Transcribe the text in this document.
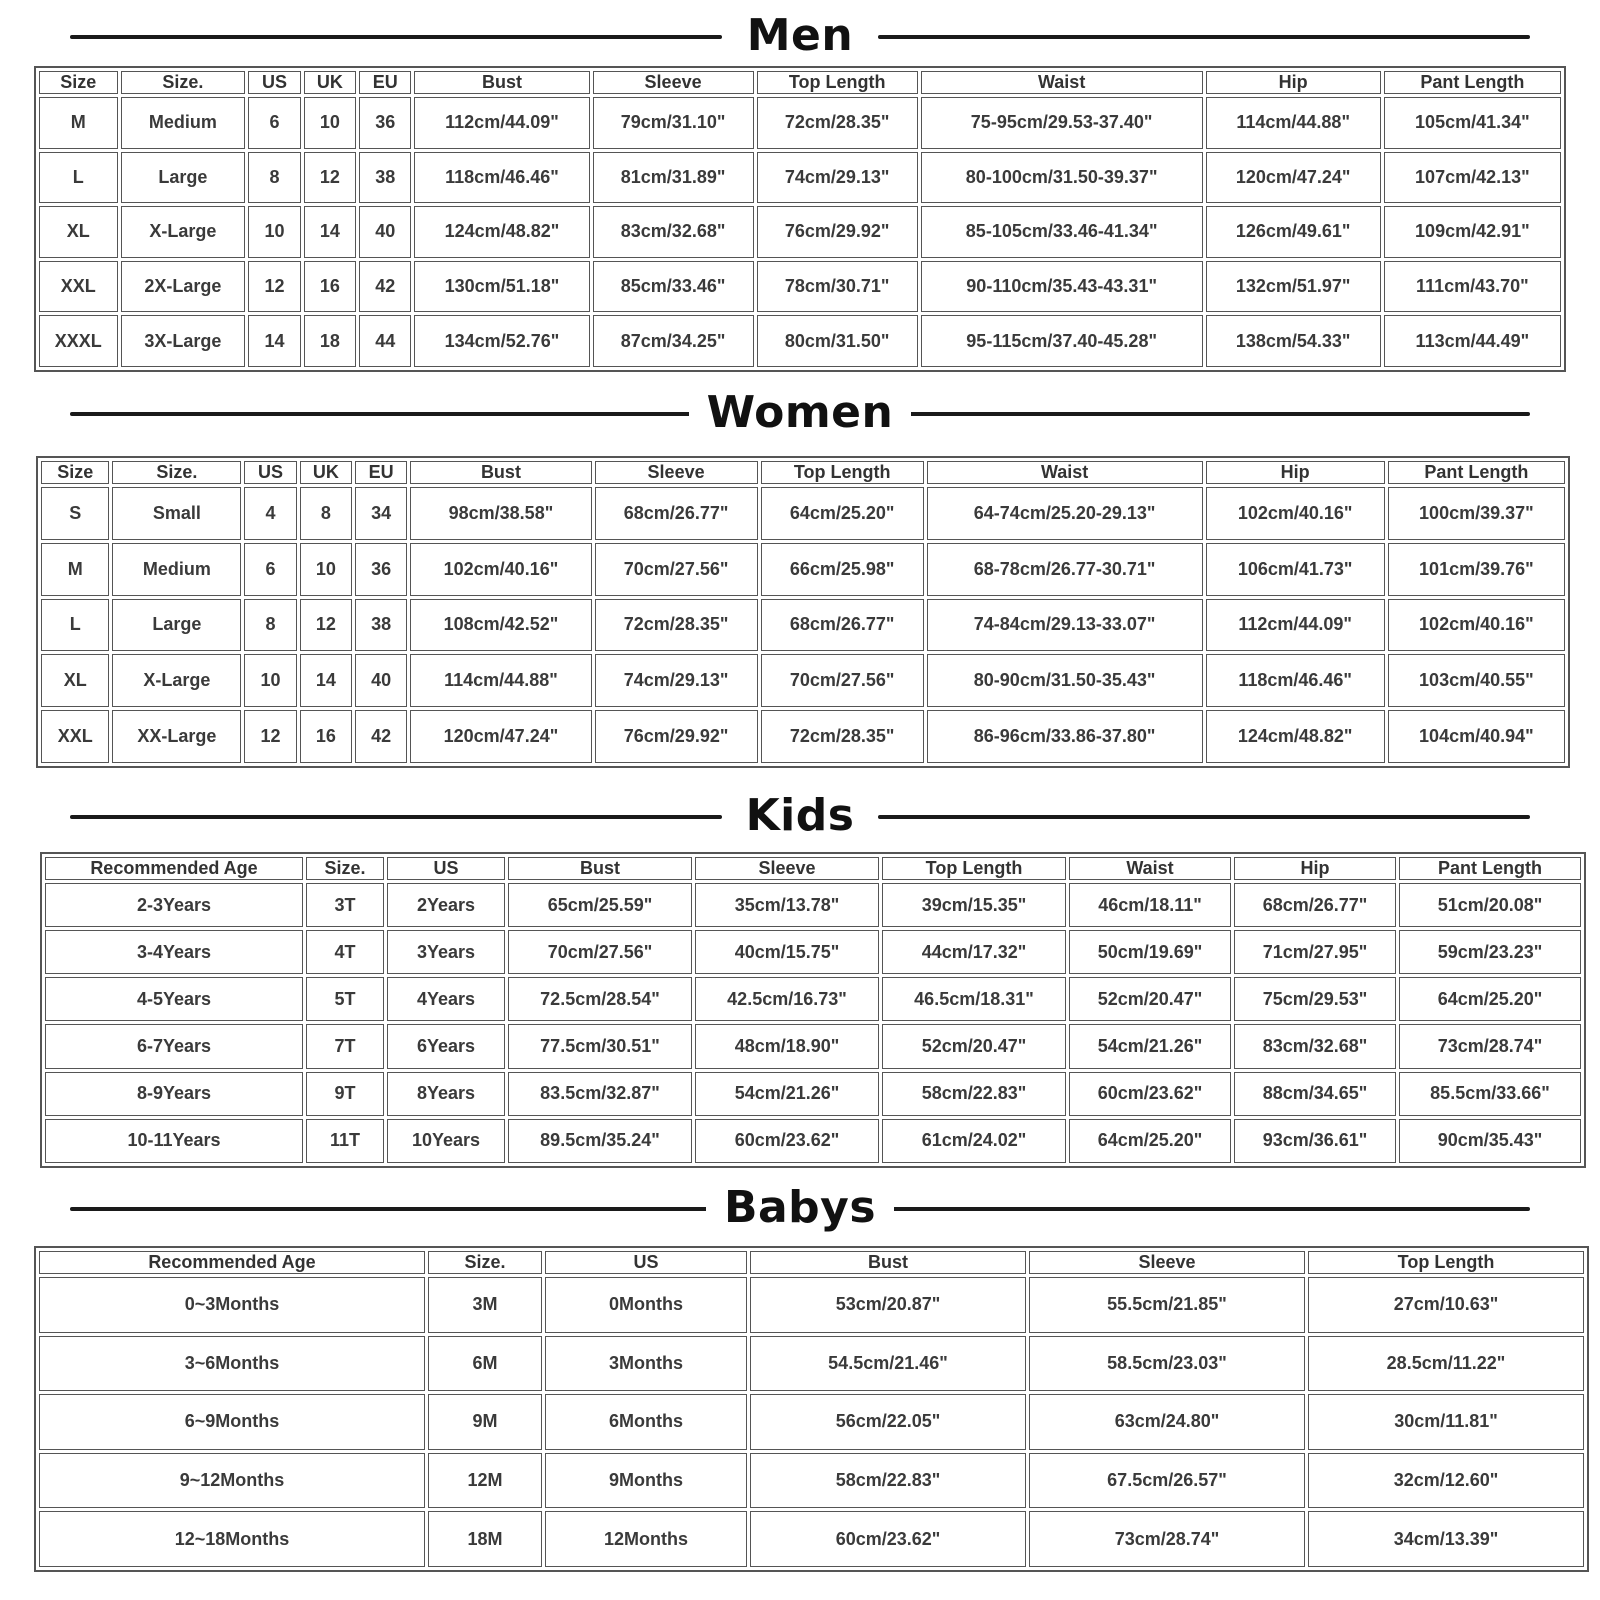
Men
Size	Size.	US	UK	EU	Bust	Sleeve	Top Length	Waist	Hip	Pant Length
M	Medium	6	10	36	112cm/44.09"	79cm/31.10"	72cm/28.35"	75-95cm/29.53-37.40"	114cm/44.88"	105cm/41.34"
L	Large	8	12	38	118cm/46.46"	81cm/31.89"	74cm/29.13"	80-100cm/31.50-39.37"	120cm/47.24"	107cm/42.13"
XL	X-Large	10	14	40	124cm/48.82"	83cm/32.68"	76cm/29.92"	85-105cm/33.46-41.34"	126cm/49.61"	109cm/42.91"
XXL	2X-Large	12	16	42	130cm/51.18"	85cm/33.46"	78cm/30.71"	90-110cm/35.43-43.31"	132cm/51.97"	111cm/43.70"
XXXL	3X-Large	14	18	44	134cm/52.76"	87cm/34.25"	80cm/31.50"	95-115cm/37.40-45.28"	138cm/54.33"	113cm/44.49"
Women
Size	Size.	US	UK	EU	Bust	Sleeve	Top Length	Waist	Hip	Pant Length
S	Small	4	8	34	98cm/38.58"	68cm/26.77"	64cm/25.20"	64-74cm/25.20-29.13"	102cm/40.16"	100cm/39.37"
M	Medium	6	10	36	102cm/40.16"	70cm/27.56"	66cm/25.98"	68-78cm/26.77-30.71"	106cm/41.73"	101cm/39.76"
L	Large	8	12	38	108cm/42.52"	72cm/28.35"	68cm/26.77"	74-84cm/29.13-33.07"	112cm/44.09"	102cm/40.16"
XL	X-Large	10	14	40	114cm/44.88"	74cm/29.13"	70cm/27.56"	80-90cm/31.50-35.43"	118cm/46.46"	103cm/40.55"
XXL	XX-Large	12	16	42	120cm/47.24"	76cm/29.92"	72cm/28.35"	86-96cm/33.86-37.80"	124cm/48.82"	104cm/40.94"
Kids
Recommended Age	Size.	US	Bust	Sleeve	Top Length	Waist	Hip	Pant Length
2-3Years	3T	2Years	65cm/25.59"	35cm/13.78"	39cm/15.35"	46cm/18.11"	68cm/26.77"	51cm/20.08"
3-4Years	4T	3Years	70cm/27.56"	40cm/15.75"	44cm/17.32"	50cm/19.69"	71cm/27.95"	59cm/23.23"
4-5Years	5T	4Years	72.5cm/28.54"	42.5cm/16.73"	46.5cm/18.31"	52cm/20.47"	75cm/29.53"	64cm/25.20"
6-7Years	7T	6Years	77.5cm/30.51"	48cm/18.90"	52cm/20.47"	54cm/21.26"	83cm/32.68"	73cm/28.74"
8-9Years	9T	8Years	83.5cm/32.87"	54cm/21.26"	58cm/22.83"	60cm/23.62"	88cm/34.65"	85.5cm/33.66"
10-11Years	11T	10Years	89.5cm/35.24"	60cm/23.62"	61cm/24.02"	64cm/25.20"	93cm/36.61"	90cm/35.43"
Babys
Recommended Age	Size.	US	Bust	Sleeve	Top Length
0~3Months	3M	0Months	53cm/20.87"	55.5cm/21.85"	27cm/10.63"
3~6Months	6M	3Months	54.5cm/21.46"	58.5cm/23.03"	28.5cm/11.22"
6~9Months	9M	6Months	56cm/22.05"	63cm/24.80"	30cm/11.81"
9~12Months	12M	9Months	58cm/22.83"	67.5cm/26.57"	32cm/12.60"
12~18Months	18M	12Months	60cm/23.62"	73cm/28.74"	34cm/13.39"
